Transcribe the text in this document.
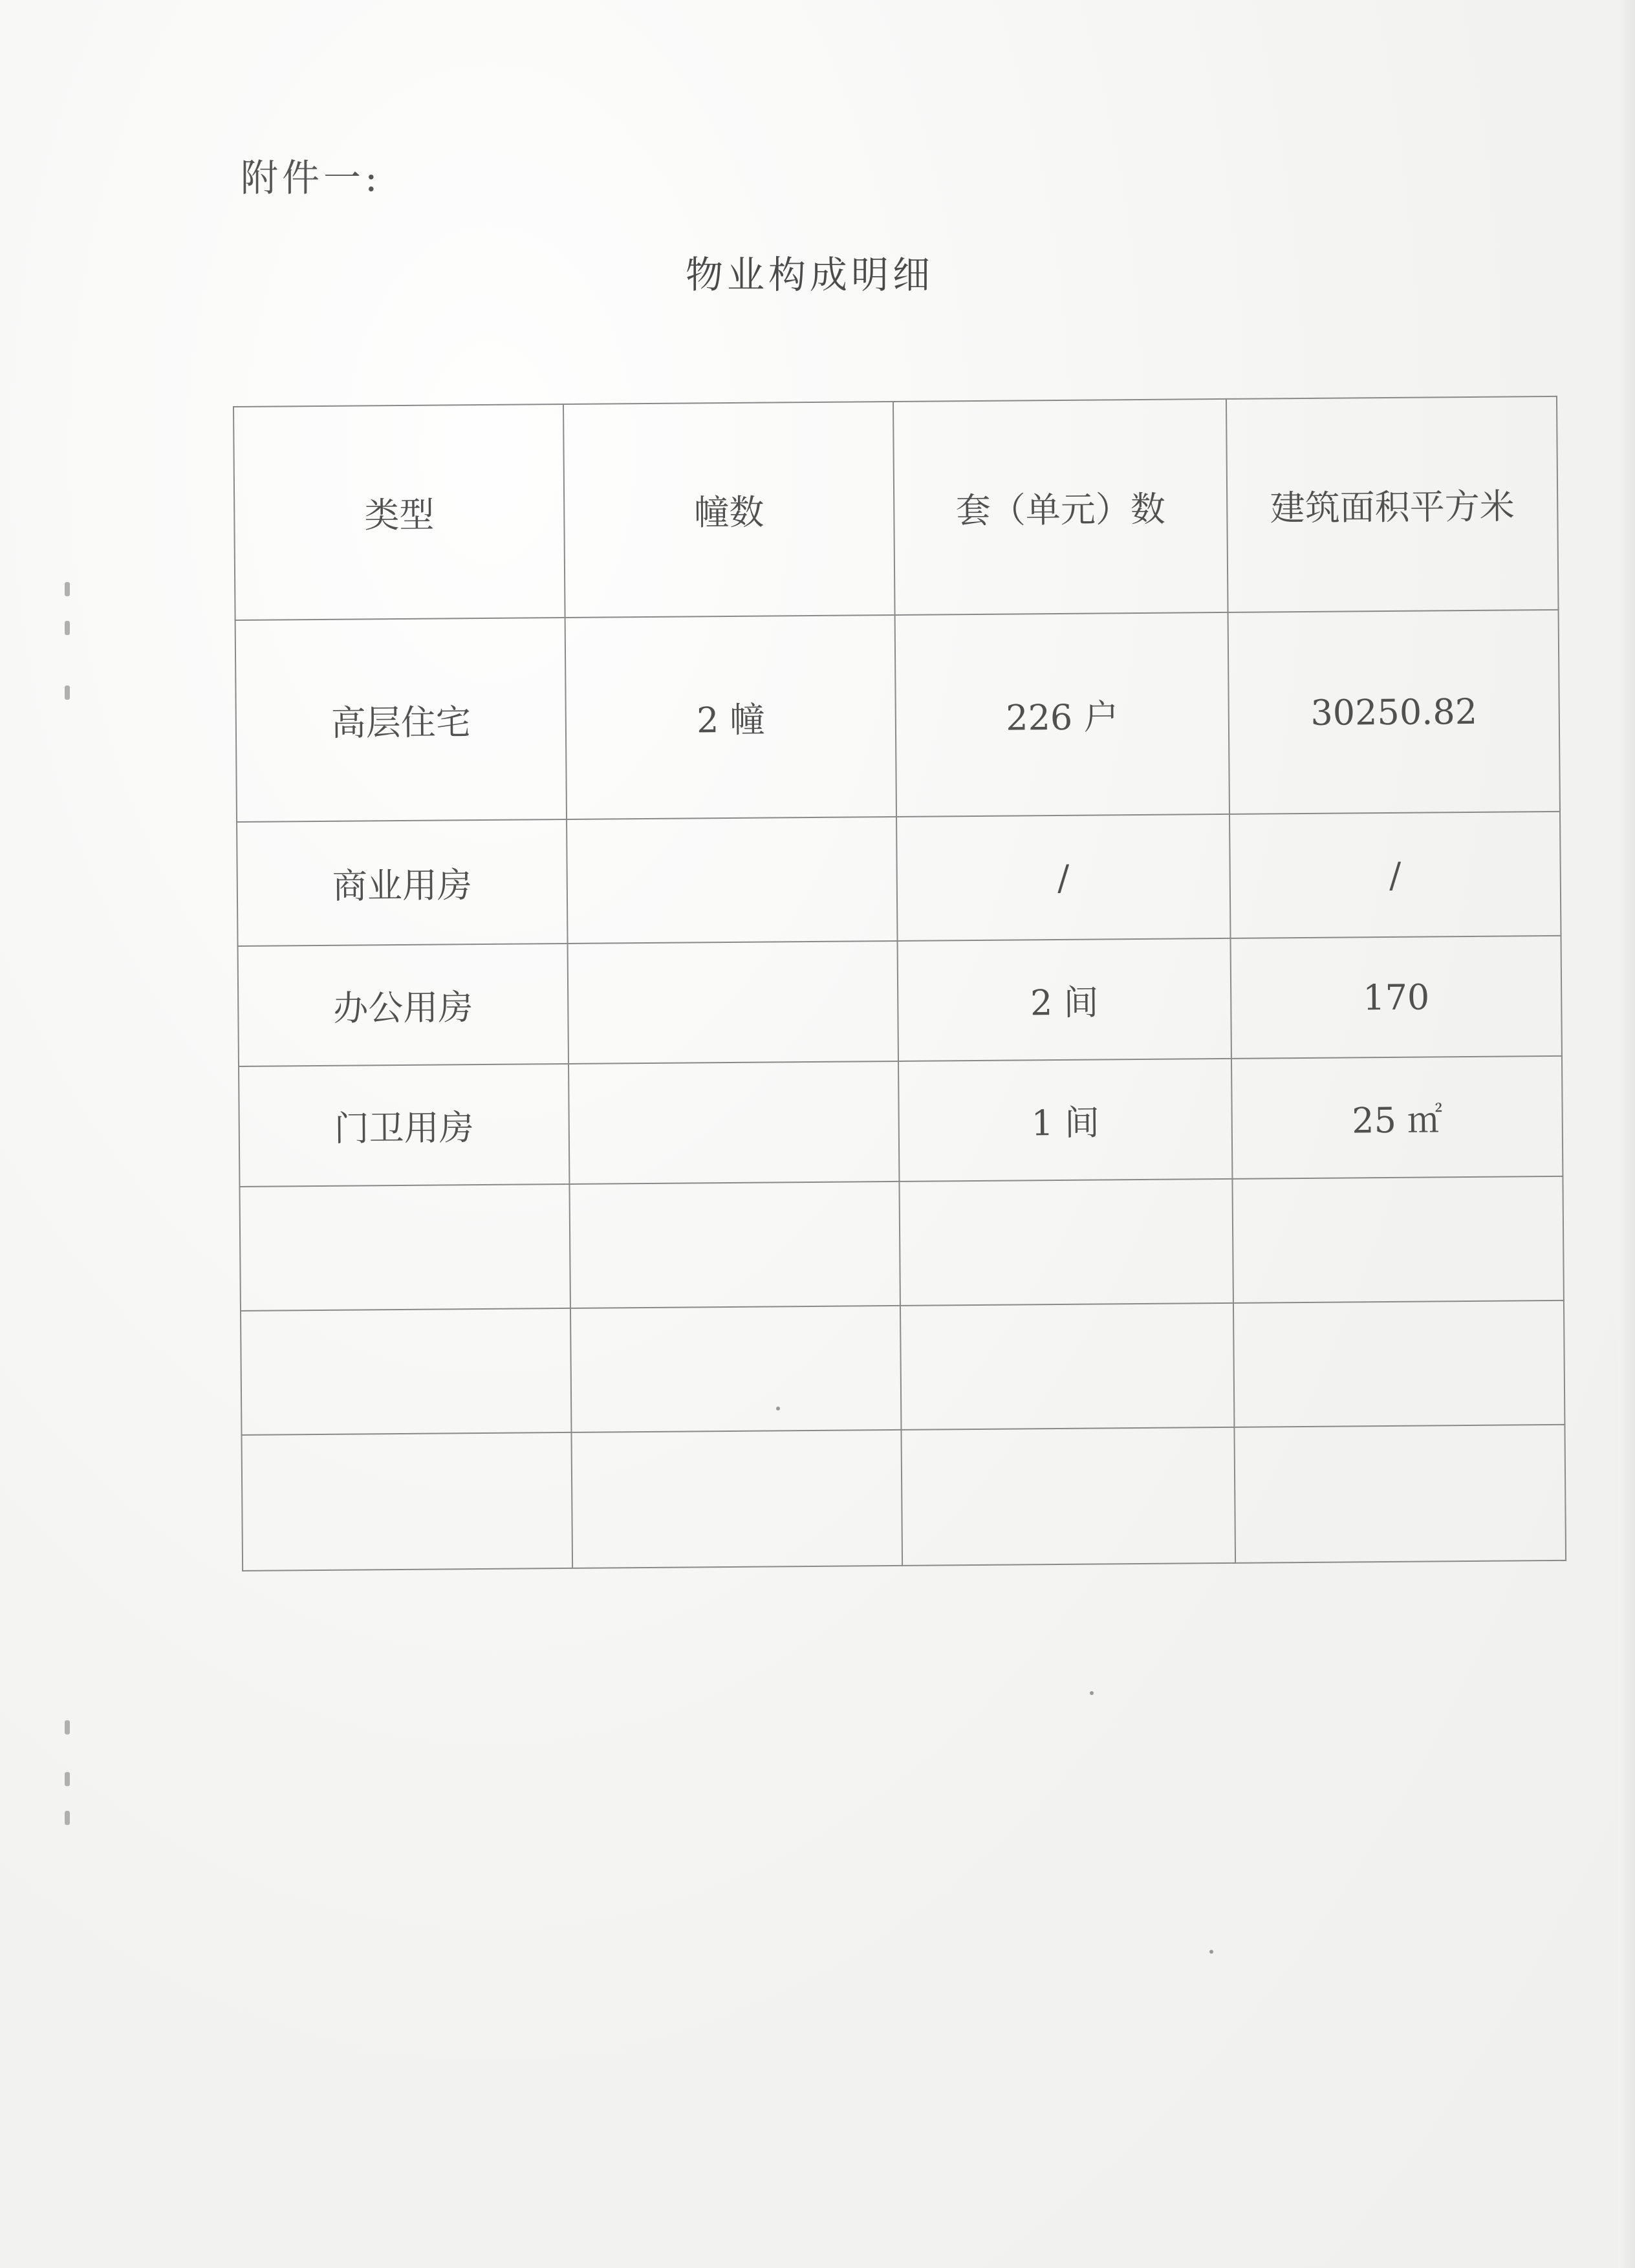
附件一:
物业构成明细
类型	幢数	套（单元）数	建筑面积平方米
高层住宅	2 幢	226 户	30250.82
商业用房		/	/
办公用房		2 间	170
门卫用房		1 间	25 ㎡
